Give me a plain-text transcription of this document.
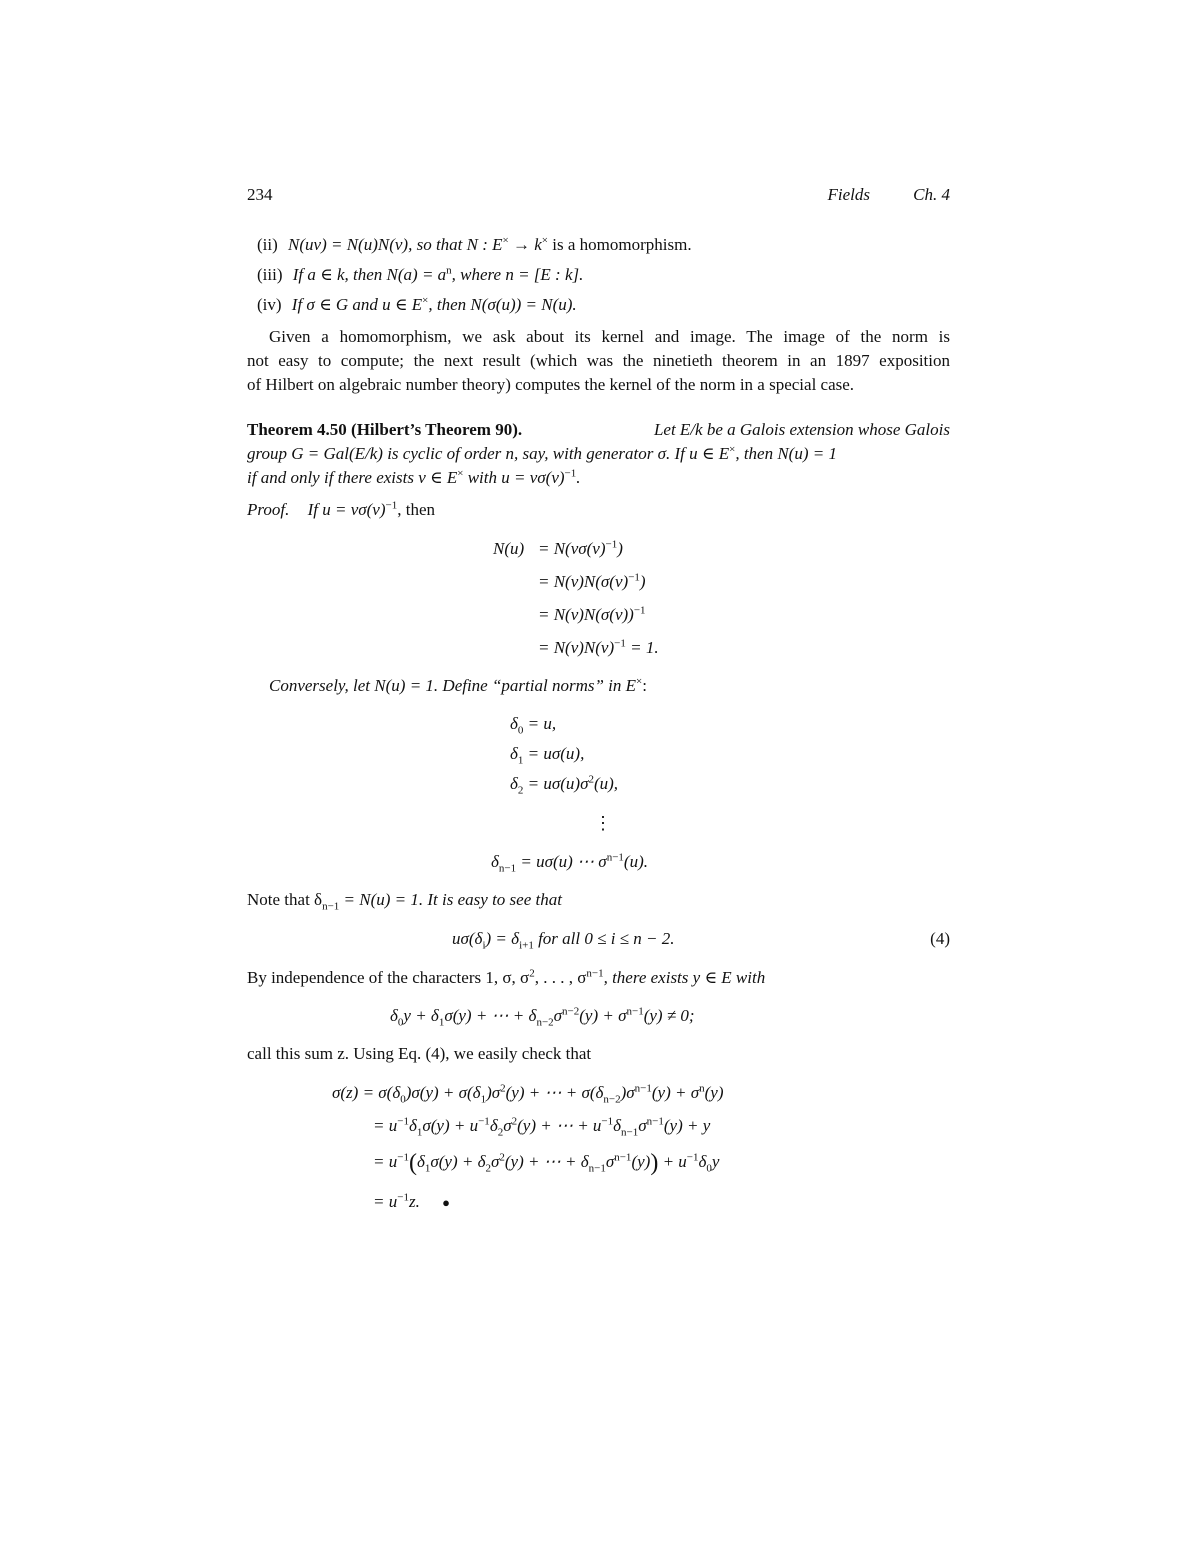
234	Fields	Ch. 4
(ii) N(uv) = N(u)N(v), so that N : E× → k× is a homomorphism.
(iii) If a ∈ k, then $N(a) = a^n$, where n = [E : k].
(iv) If σ ∈ G and u ∈ E×, then N(σ(u)) = N(u).
Given a homomorphism, we ask about its kernel and image. The image of the norm is
not easy to compute; the next result (which was the ninetieth theorem in an 1897 exposition
of Hilbert on algebraic number theory) computes the kernel of the norm in a special case.
Theorem 4.50 (Hilbert’s Theorem 90).	Let E/k be a Galois extension whose Galois
group G = Gal(E/k) is cyclic of order n, say, with generator σ. If u ∈ E×, then N(u) = 1
if and only if there exists v ∈ E× with $u = v\sigma(v)^{-1}$.
Proof. If $u = v\sigma(v)^{-1}$, then
$N(u) = N(v\sigma(v)^{-1})$
= $N(v)N(\sigma(v)^{-1})$
= $N(v)N(\sigma(v))^{-1}$
= $N(v)N(v)^{-1} = 1$.
Conversely, let N(u) = 1. Define “partial norms” in E×:
$\delta_0 = u$,
$\delta_1 = u\sigma(u)$,
$\delta_2 = u\sigma(u)\sigma^2(u)$,
⋮
$\delta_{n-1} = u\sigma(u)$ ⋯ $\sigma^{n-1}(u)$.
Note that $\delta_{n-1} = N(u) = 1$. It is easy to see that
$u\sigma(\delta_i) = \delta_{i+1}$ for all 0 ≤ i ≤ n − 2.	(4)
By independence of the characters 1, σ, $\sigma^2$, . . . , $\sigma^{n-1}$, there exists y ∈ E with
$\delta_0y + \delta_1\sigma(y)$ + ⋯ + $\delta_{n-2}\sigma^{n-2}(y) + \sigma^{n-1}(y) \ne 0$;
call this sum z. Using Eq. (4), we easily check that
$\sigma(z) = \sigma(\delta_0)\sigma(y) + \sigma(\delta_1)\sigma^2(y)$ + ⋯ + $\sigma(\delta_{n-2})\sigma^{n-1}(y) + \sigma^n(y)$
= $u^{-1}\delta_1\sigma(y) + u^{-1}\delta_2\sigma^2(y)$ + ⋯ + $u^{-1}\delta_{n-1}\sigma^{n-1}(y) + y$
= $u^{-1}(\delta_1\sigma(y) + \delta_2\sigma^2(y)$ + ⋯ + $\delta_{n-1}\sigma^{n-1}(y)) + u^{-1}\delta_0y$
= $u^{-1}z$. ●
